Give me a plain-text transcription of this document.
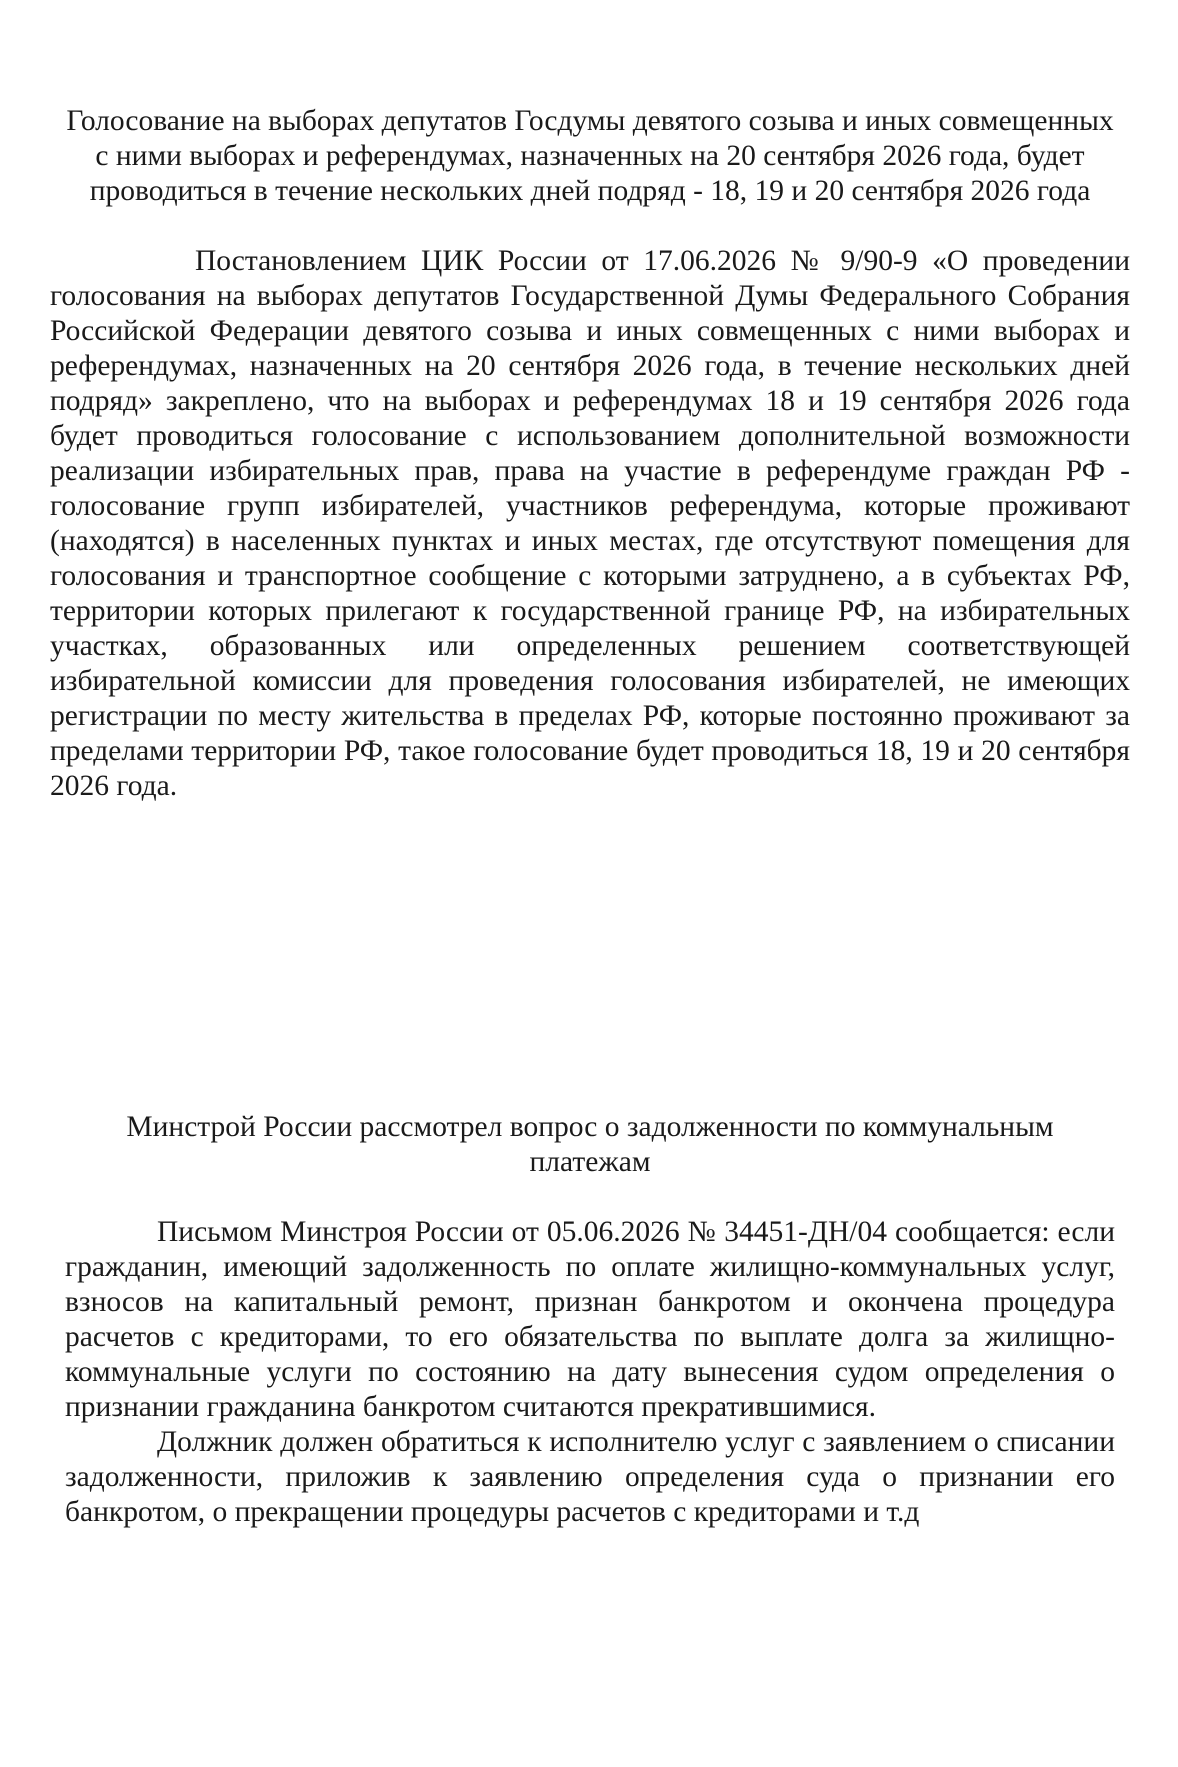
Голосование на выборах депутатов Госдумы девятого созыва и иных совмещенных с ними выборах и референдумах, назначенных на 20 сентября 2026 года, будет проводиться в течение нескольких дней подряд - 18, 19 и 20 сентября 2026 года

Постановлением ЦИК России от 17.06.2026 № 9/90-9 «О проведении голосования на выборах депутатов Государственной Думы Федерального Собрания Российской Федерации девятого созыва и иных совмещенных с ними выборах и референдумах, назначенных на 20 сентября 2026 года, в течение нескольких дней подряд» закреплено, что на выборах и референдумах 18 и 19 сентября 2026 года будет проводиться голосование с использованием дополнительной возможности реализации избирательных прав, права на участие в референдуме граждан РФ - голосование групп избирателей, участников референдума, которые проживают (находятся) в населенных пунктах и иных местах, где отсутствуют помещения для голосования и транспортное сообщение с которыми затруднено, а в субъектах РФ, территории которых прилегают к государственной границе РФ, на избирательных участках, образованных или определенных решением соответствующей избирательной комиссии для проведения голосования избирателей, не имеющих регистрации по месту жительства в пределах РФ, которые постоянно проживают за пределами территории РФ, такое голосование будет проводиться 18, 19 и 20 сентября 2026 года.

Минстрой России рассмотрел вопрос о задолженности по коммунальным платежам

Письмом Минстроя России от 05.06.2026 № 34451-ДН/04 сообщается: если гражданин, имеющий задолженность по оплате жилищно-коммунальных услуг, взносов на капитальный ремонт, признан банкротом и окончена процедура расчетов с кредиторами, то его обязательства по выплате долга за жилищно-коммунальные услуги по состоянию на дату вынесения судом определения о признании гражданина банкротом считаются прекратившимися.

Должник должен обратиться к исполнителю услуг с заявлением о списании задолженности, приложив к заявлению определения суда о признании его банкротом, о прекращении процедуры расчетов с кредиторами и т.д
